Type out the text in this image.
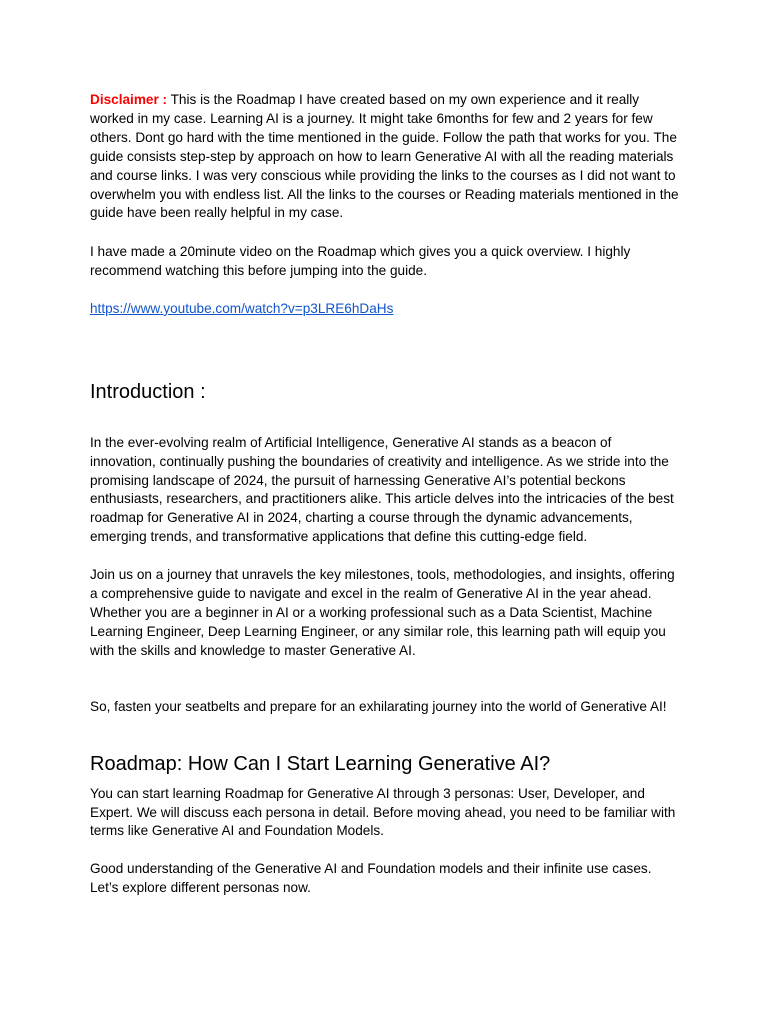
Disclaimer : This is the Roadmap I have created based on my own experience and it really worked in my case. Learning AI is a journey. It might take 6months for few and 2 years for few others. Dont go hard with the time mentioned in the guide. Follow the path that works for you. The guide consists step-step by approach on how to learn Generative AI with all the reading materials and course links. I was very conscious while providing the links to the courses as I did not want to overwhelm you with endless list. All the links to the courses or Reading materials mentioned in the guide have been really helpful in my case.

I have made a 20minute video on the Roadmap which gives you a quick overview. I highly recommend watching this before jumping into the guide.

https://www.youtube.com/watch?v=p3LRE6hDaHs

Introduction :

In the ever-evolving realm of Artificial Intelligence, Generative AI stands as a beacon of innovation, continually pushing the boundaries of creativity and intelligence. As we stride into the promising landscape of 2024, the pursuit of harnessing Generative AI’s potential beckons enthusiasts, researchers, and practitioners alike. This article delves into the intricacies of the best roadmap for Generative AI in 2024, charting a course through the dynamic advancements, emerging trends, and transformative applications that define this cutting-edge field.

Join us on a journey that unravels the key milestones, tools, methodologies, and insights, offering a comprehensive guide to navigate and excel in the realm of Generative AI in the year ahead. Whether you are a beginner in AI or a working professional such as a Data Scientist, Machine Learning Engineer, Deep Learning Engineer, or any similar role, this learning path will equip you with the skills and knowledge to master Generative AI.

So, fasten your seatbelts and prepare for an exhilarating journey into the world of Generative AI!

Roadmap: How Can I Start Learning Generative AI?

You can start learning Roadmap for Generative AI through 3 personas: User, Developer, and Expert. We will discuss each persona in detail. Before moving ahead, you need to be familiar with terms like Generative AI and Foundation Models.

Good understanding of the Generative AI and Foundation models and their infinite use cases. Let’s explore different personas now.
